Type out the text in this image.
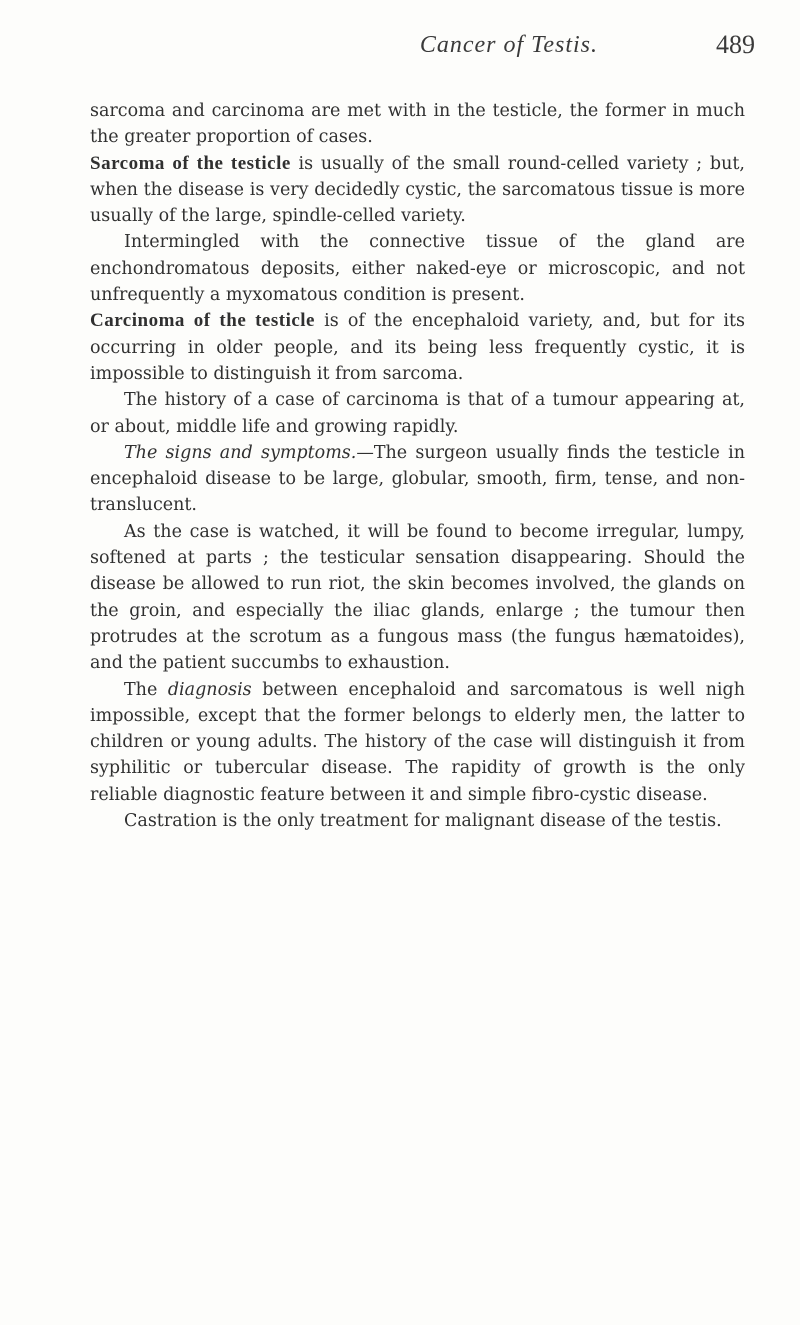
Cancer of Testis.	489

sarcoma and carcinoma are met with in the testicle, the former in much the greater proportion of cases.

Sarcoma of the testicle is usually of the small round-celled variety ; but, when the disease is very decidedly cystic, the sarcomatous tissue is more usually of the large, spindle-celled variety.

Intermingled with the connective tissue of the gland are enchondromatous deposits, either naked-eye or microscopic, and not unfrequently a myxomatous condition is present.

Carcinoma of the testicle is of the encephaloid variety, and, but for its occurring in older people, and its being less frequently cystic, it is impossible to distinguish it from sarcoma.

The history of a case of carcinoma is that of a tumour appearing at, or about, middle life and growing rapidly.

The signs and symptoms.—The surgeon usually finds the testicle in encephaloid disease to be large, globular, smooth, firm, tense, and non-translucent.

As the case is watched, it will be found to become irregular, lumpy, softened at parts ; the testicular sensation disappearing. Should the disease be allowed to run riot, the skin becomes involved, the glands on the groin, and especially the iliac glands, enlarge ; the tumour then protrudes at the scrotum as a fungous mass (the fungus hæmatoides), and the patient succumbs to exhaustion.

The diagnosis between encephaloid and sarcomatous is well nigh impossible, except that the former belongs to elderly men, the latter to children or young adults. The history of the case will distinguish it from syphilitic or tubercular disease. The rapidity of growth is the only reliable diagnostic feature between it and simple fibro-cystic disease.

Castration is the only treatment for malignant disease of the testis.
